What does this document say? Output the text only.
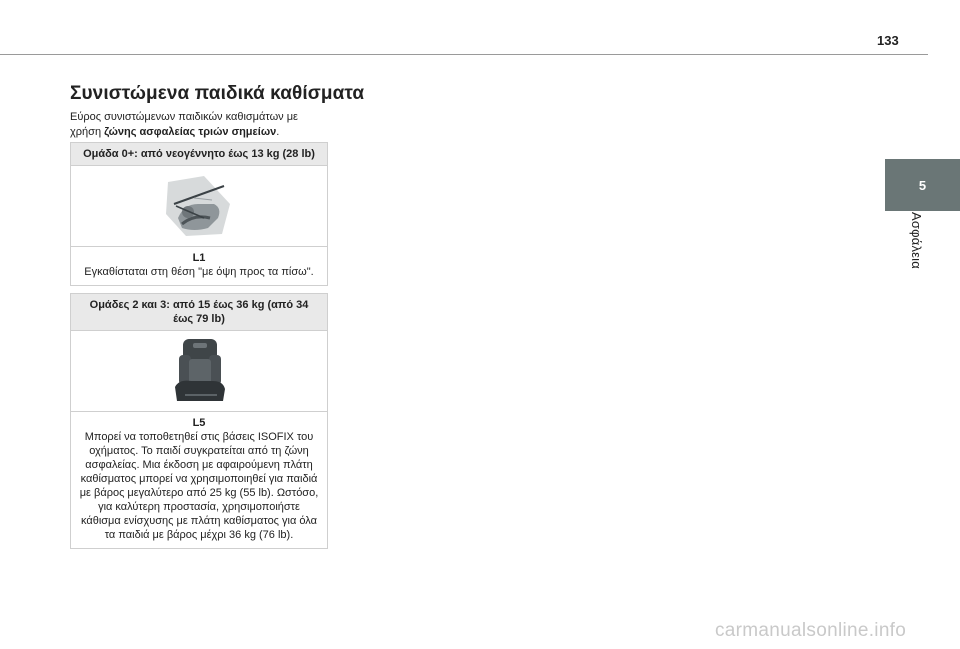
133
5
Ασφάλεια
Συνιστώμενα παιδικά καθίσματα

Εύρος συνιστώμενων παιδικών καθισμάτων με χρήση ζώνης ασφαλείας τριών σημείων.

Ομάδα 0+: από νεογέννητο έως 13 kg (28 lb)
L1
Εγκαθίσταται στη θέση "με όψη προς τα πίσω".
Ομάδες 2 και 3: από 15 έως 36 kg (από 34 έως 79 lb)
L5
Μπορεί να τοποθετηθεί στις βάσεις ISOFIX του οχήματος. Το παιδί συγκρατείται από τη ζώνη ασφαλείας. Μια έκδοση με αφαιρούμενη πλάτη καθίσματος μπορεί να χρησιμοποιηθεί για παιδιά με βάρος μεγαλύτερο από 25 kg (55 lb). Ωστόσο, για καλύτερη προστασία, χρησιμοποιήστε κάθισμα ενίσχυσης με πλάτη καθίσματος για όλα τα παιδιά με βάρος μέχρι 36 kg (76 lb).
carmanualsonline.info
